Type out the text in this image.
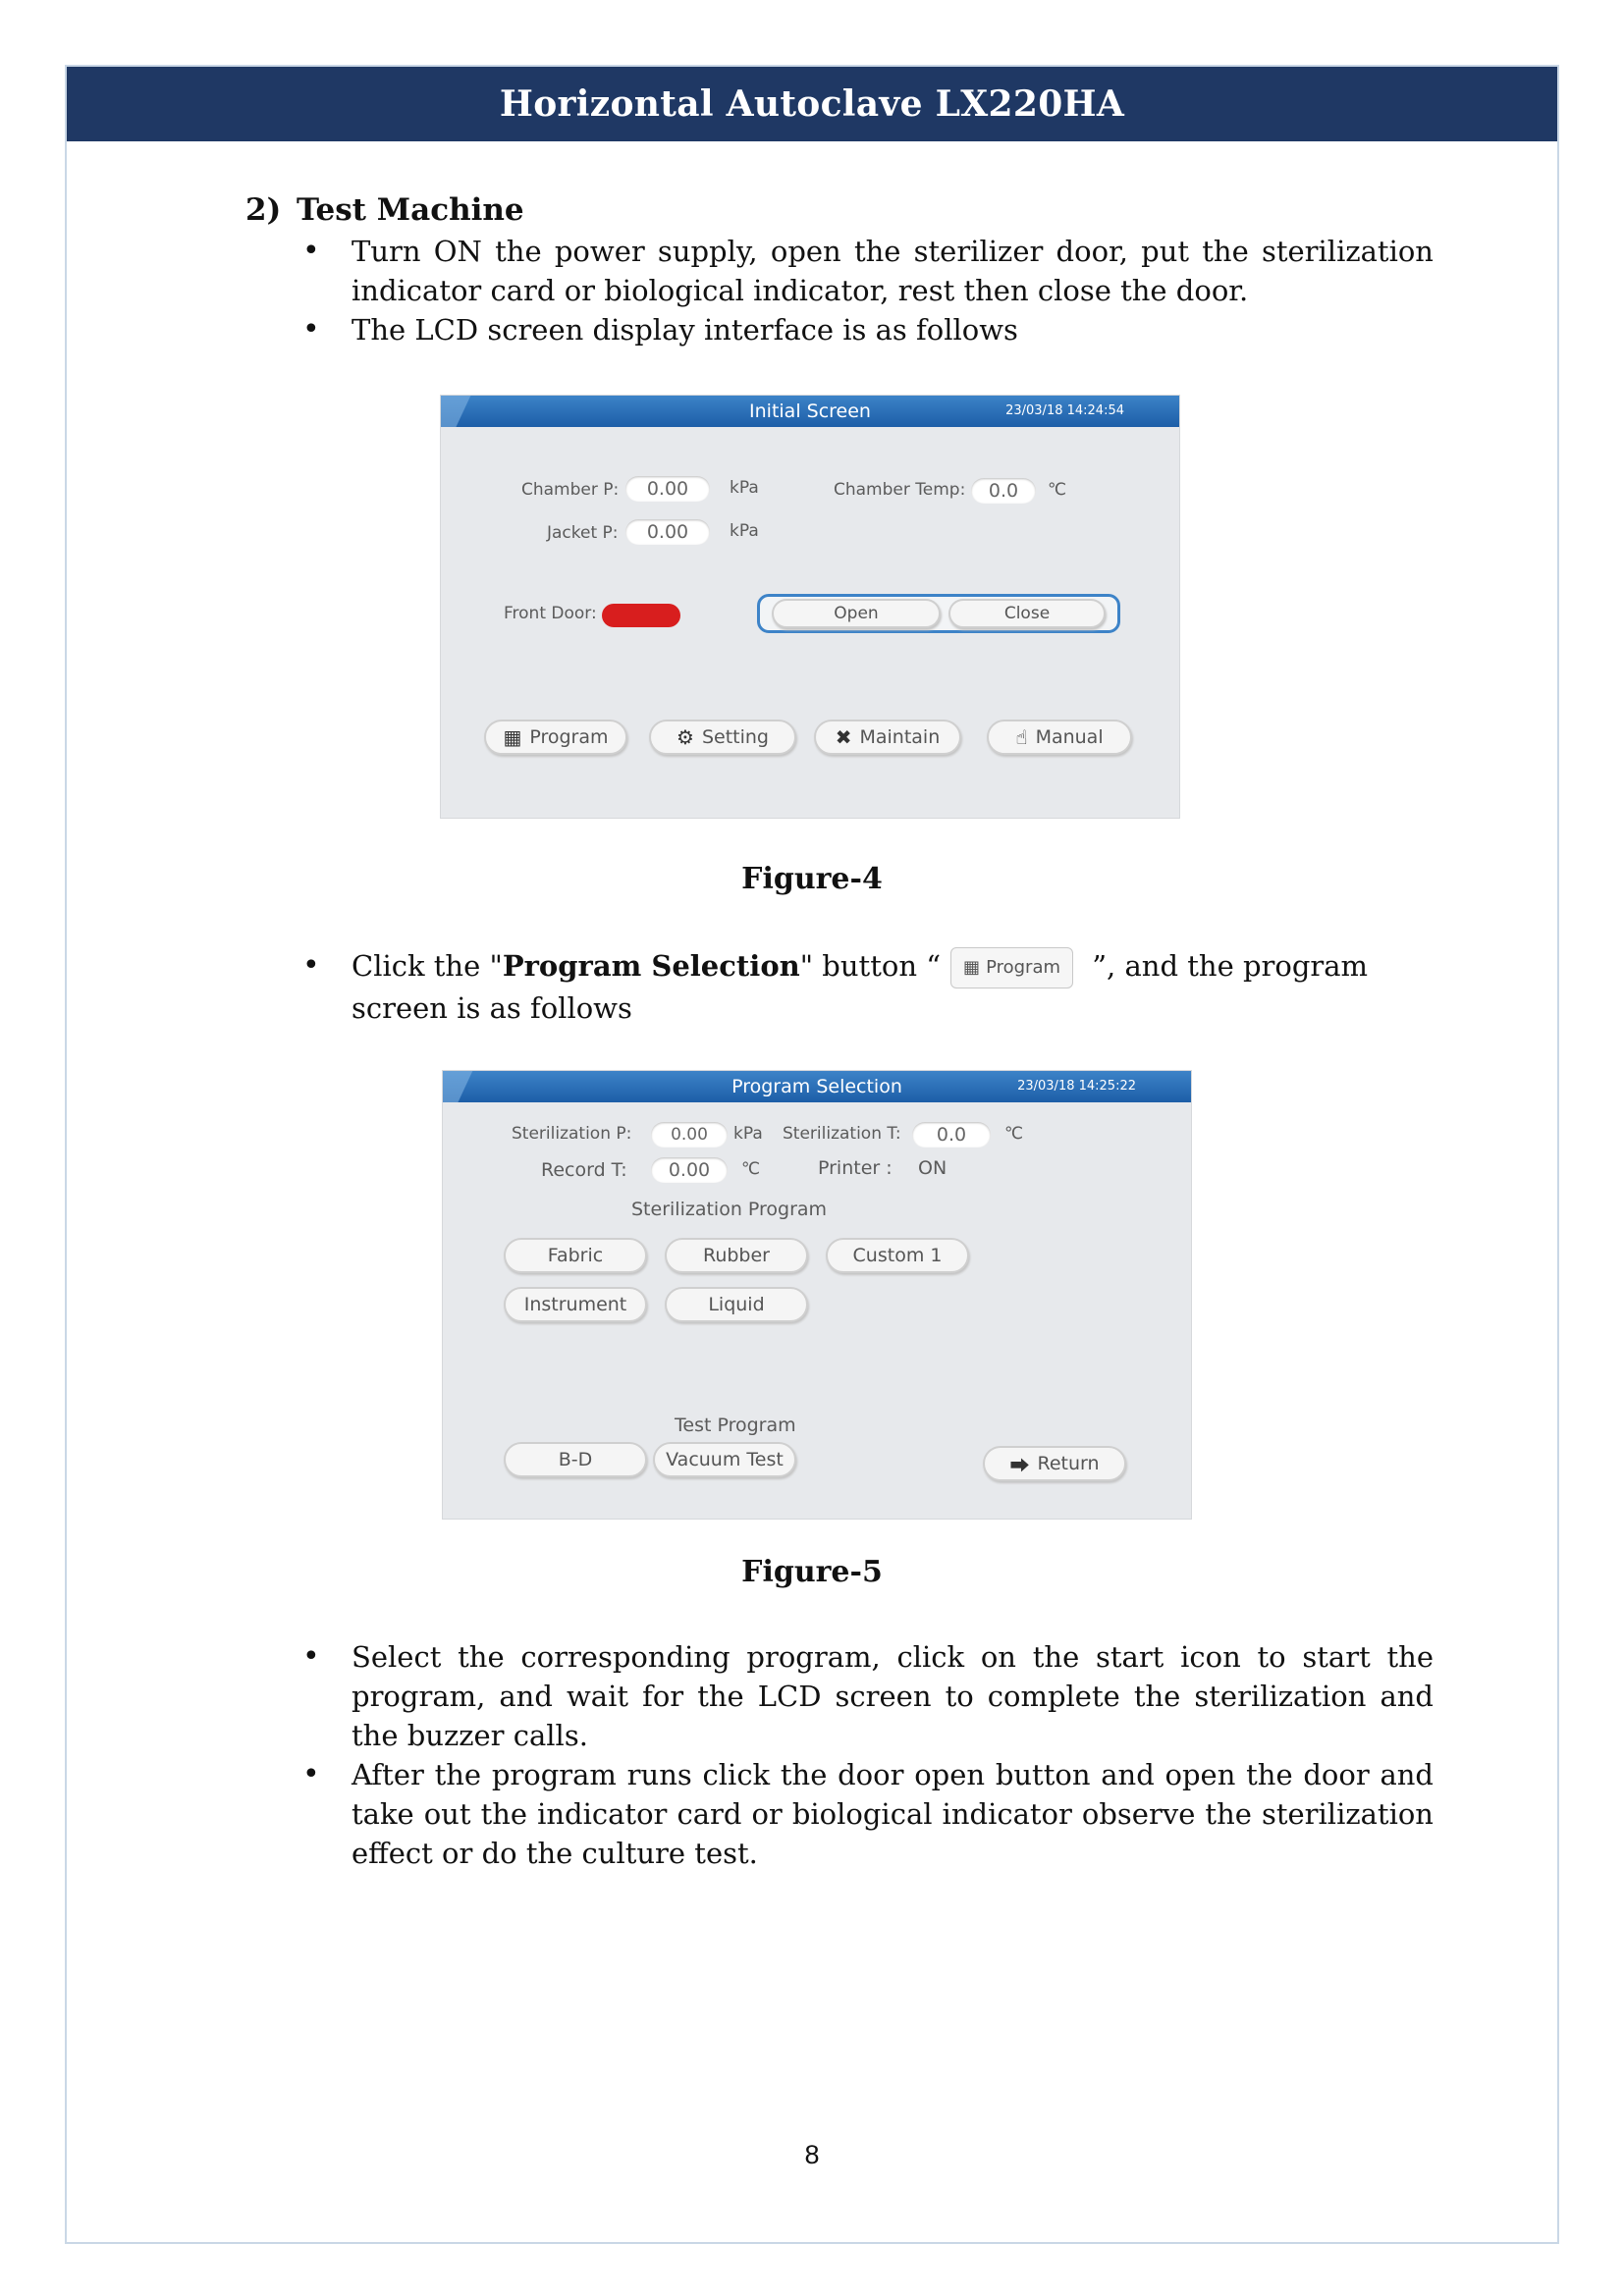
Horizontal Autoclave LX220HA
2) Test Machine
• Turn ON the power supply, open the sterilizer door, put the sterilization indicator card or biological indicator, rest then close the door.
• The LCD screen display interface is as follows
Initial Screen	23/03/18 14:24:54
Chamber P:	0.00	kPa
Jacket P:	0.00	kPa
Chamber Temp:	0.0	℃
Front Door:	Open	Close
▦ Program	⚙ Setting	✖ Maintain	☝ Manual
Figure-4
• Click the "Program Selection" button “ ▦ Program ”, and the program screen is as follows
Program Selection	23/03/18 14:25:22
Sterilization P:	0.00	kPa Sterilization T:	0.0	℃
Record T:	0.00	℃	Printer : ON
Sterilization Program
Fabric	Rubber	Custom 1
Instrument	Liquid
Test Program
B-D	Vacuum Test	⮕ Return
Figure-5
• Select the corresponding program, click on the start icon to start the program, and wait for the LCD screen to complete the sterilization and the buzzer calls.
• After the program runs click the door open button and open the door and take out the indicator card or biological indicator observe the sterilization effect or do the culture test.
8
